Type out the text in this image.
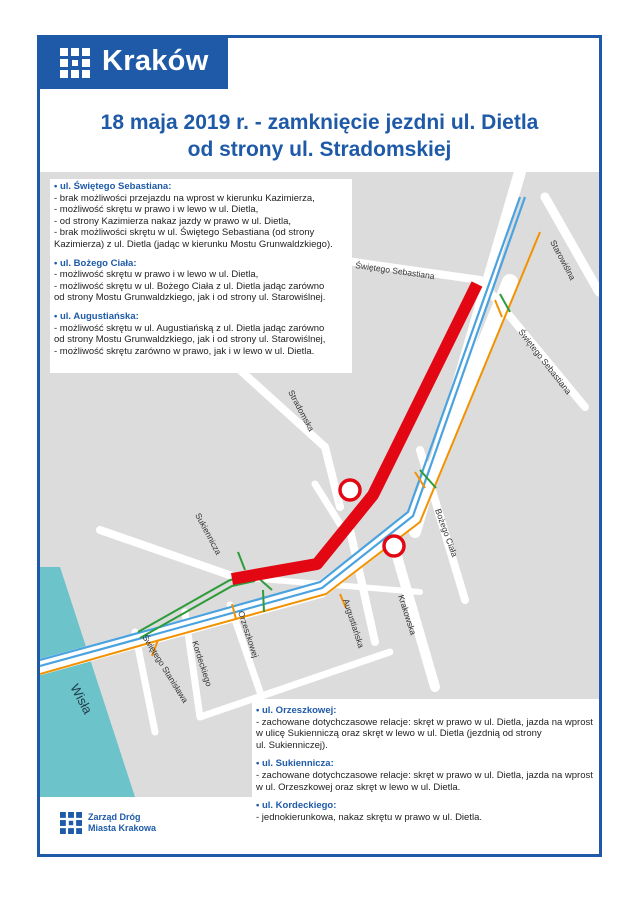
Kraków
18 maja 2019 r. - zamknięcie jezdni ul. Dietla
od strony ul. Stradomskiej
Świętego Sebastiana	Starowiślna
Świętego Sebastiana
Stradomska
Bożego Ciała
Sukiennicza
Augustiańska	Krakowska
Orzeszkowej
Kordeckiego
Świętego Stanisława
Wisła
• ul. Świętego Sebastiana:
- brak możliwości przejazdu na wprost w kierunku Kazimierza,
- możliwość skrętu w prawo i w lewo w ul. Dietla,
- od strony Kazimierza nakaz jazdy w prawo w ul. Dietla,
- brak możliwości skrętu w ul. Świętego Sebastiana (od strony
Kazimierza) z ul. Dietla (jadąc w kierunku Mostu Grunwaldzkiego).
• ul. Bożego Ciała:
- możliwość skrętu w prawo i w lewo w ul. Dietla,
- możliwość skrętu w ul. Bożego Ciała z ul. Dietla jadąc zarówno
od strony Mostu Grunwaldzkiego, jak i od strony ul. Starowiślnej.
• ul. Augustiańska:
- możliwość skrętu w ul. Augustiańską z ul. Dietla jadąc zarówno
od strony Mostu Grunwaldzkiego, jak i od strony ul. Starowiślnej,
- możliwość skrętu zarówno w prawo, jak i w lewo w ul. Dietla.
• ul. Orzeszkowej:
- zachowane dotychczasowe relacje: skręt w prawo w ul. Dietla, jazda na wprost
w ulicę Sukienniczą oraz skręt w lewo w ul. Dietla (jezdnią od strony
ul. Sukienniczej).
• ul. Sukiennicza:
- zachowane dotychczasowe relacje: skręt w prawo w ul. Dietla, jazda na wprost
w ul. Orzeszkowej oraz skręt w lewo w ul. Dietla.
• ul. Kordeckiego:
- jednokierunkowa, nakaz skrętu w prawo w ul. Dietla.
Zarząd Dróg
Miasta Krakowa
